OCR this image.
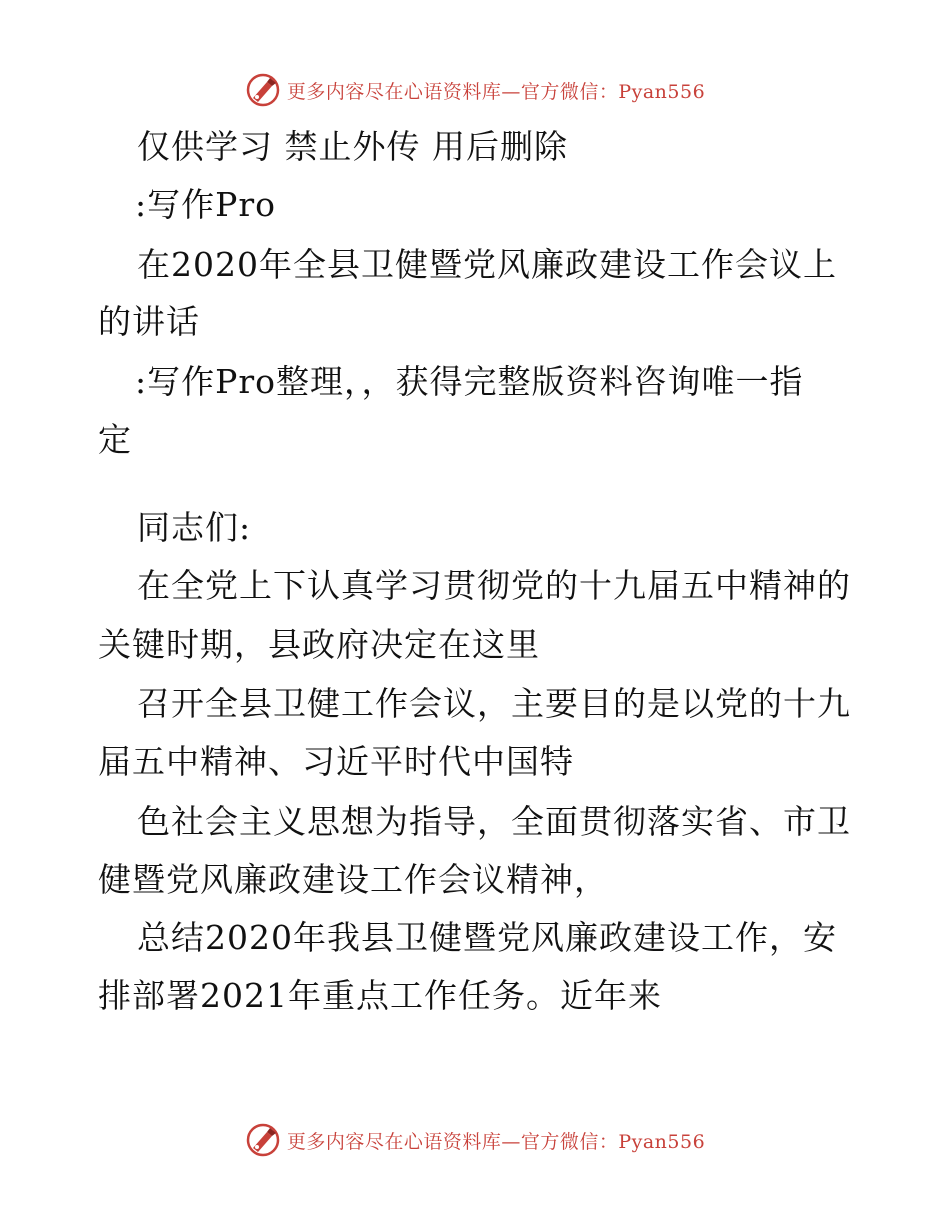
更多内容尽在心语资料库—官方微信：Pyan556
仅供学习 禁止外传 用后删除
:写作Pro
在2020年全县卫健暨党风廉政建设工作会议上
的讲话
:写作Pro整理，，获得完整版资料咨询唯一指
定
同志们:
在全党上下认真学习贯彻党的十九届五中精神的
关键时期，县政府决定在这里
召开全县卫健工作会议，主要目的是以党的十九
届五中精神、习近平时代中国特
色社会主义思想为指导，全面贯彻落实省、市卫
健暨党风廉政建设工作会议精神，
总结2020年我县卫健暨党风廉政建设工作，安
排部署2021年重点工作任务。近年来
更多内容尽在心语资料库—官方微信：Pyan556
